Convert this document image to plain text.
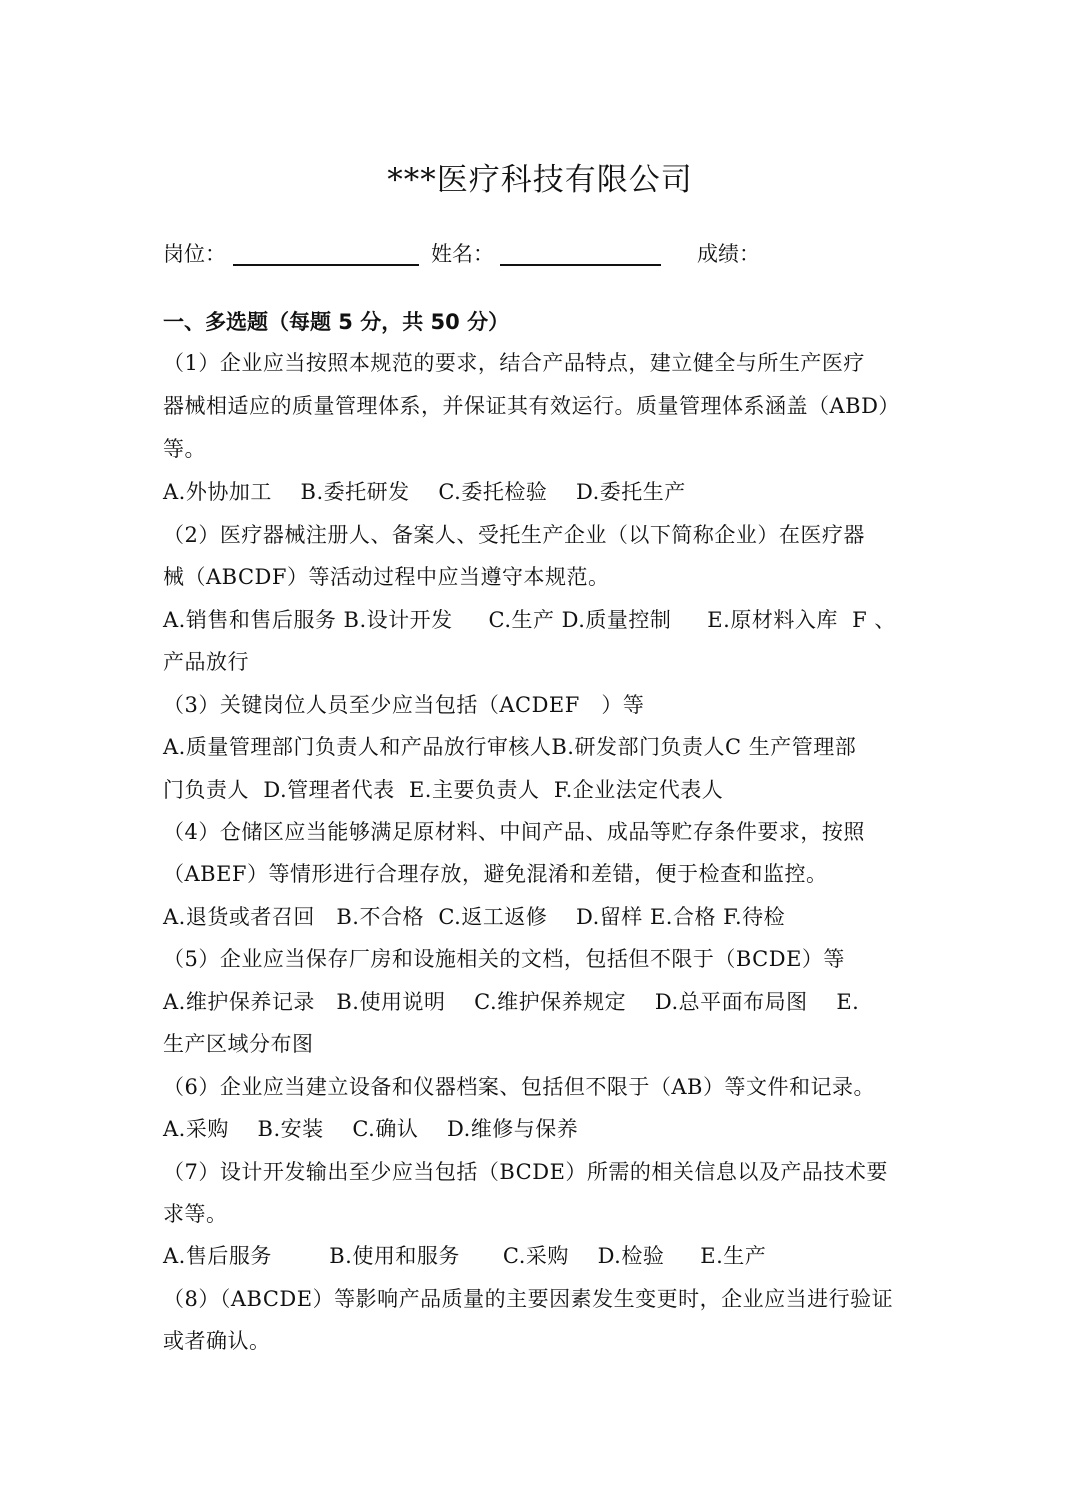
***医疗科技有限公司
岗位：	姓名：	成绩：
一、多选题（每题 5 分，共 50 分）
（1）企业应当按照本规范的要求，结合产品特点，建立健全与所生产医疗
器械相适应的质量管理体系，并保证其有效运行。质量管理体系涵盖（ABD）
等。
A.外协加工    B.委托研发    C.委托检验    D.委托生产
（2）医疗器械注册人、备案人、受托生产企业（以下简称企业）在医疗器
械（ABCDF）等活动过程中应当遵守本规范。
A.销售和售后服务 B.设计开发     C.生产 D.质量控制     E.原材料入库  F 、
产品放行
（3）关键岗位人员至少应当包括（ACDEF   ）等
A.质量管理部门负责人和产品放行审核人B.研发部门负责人C 生产管理部
门负责人  D.管理者代表  E.主要负责人  F.企业法定代表人
（4）仓储区应当能够满足原材料、中间产品、成品等贮存条件要求，按照
（ABEF）等情形进行合理存放，避免混淆和差错，便于检查和监控。
A.退货或者召回   B.不合格  C.返工返修    D.留样 E.合格 F.待检
（5）企业应当保存厂房和设施相关的文档，包括但不限于（BCDE）等
A.维护保养记录   B.使用说明    C.维护保养规定    D.总平面布局图    E.
生产区域分布图
（6）企业应当建立设备和仪器档案、包括但不限于（AB）等文件和记录。
A.采购    B.安装    C.确认    D.维修与保养
（7）设计开发输出至少应当包括（BCDE）所需的相关信息以及产品技术要
求等。
A.售后服务        B.使用和服务      C.采购    D.检验     E.生产
（8）（ABCDE）等影响产品质量的主要因素发生变更时，企业应当进行验证
或者确认。
